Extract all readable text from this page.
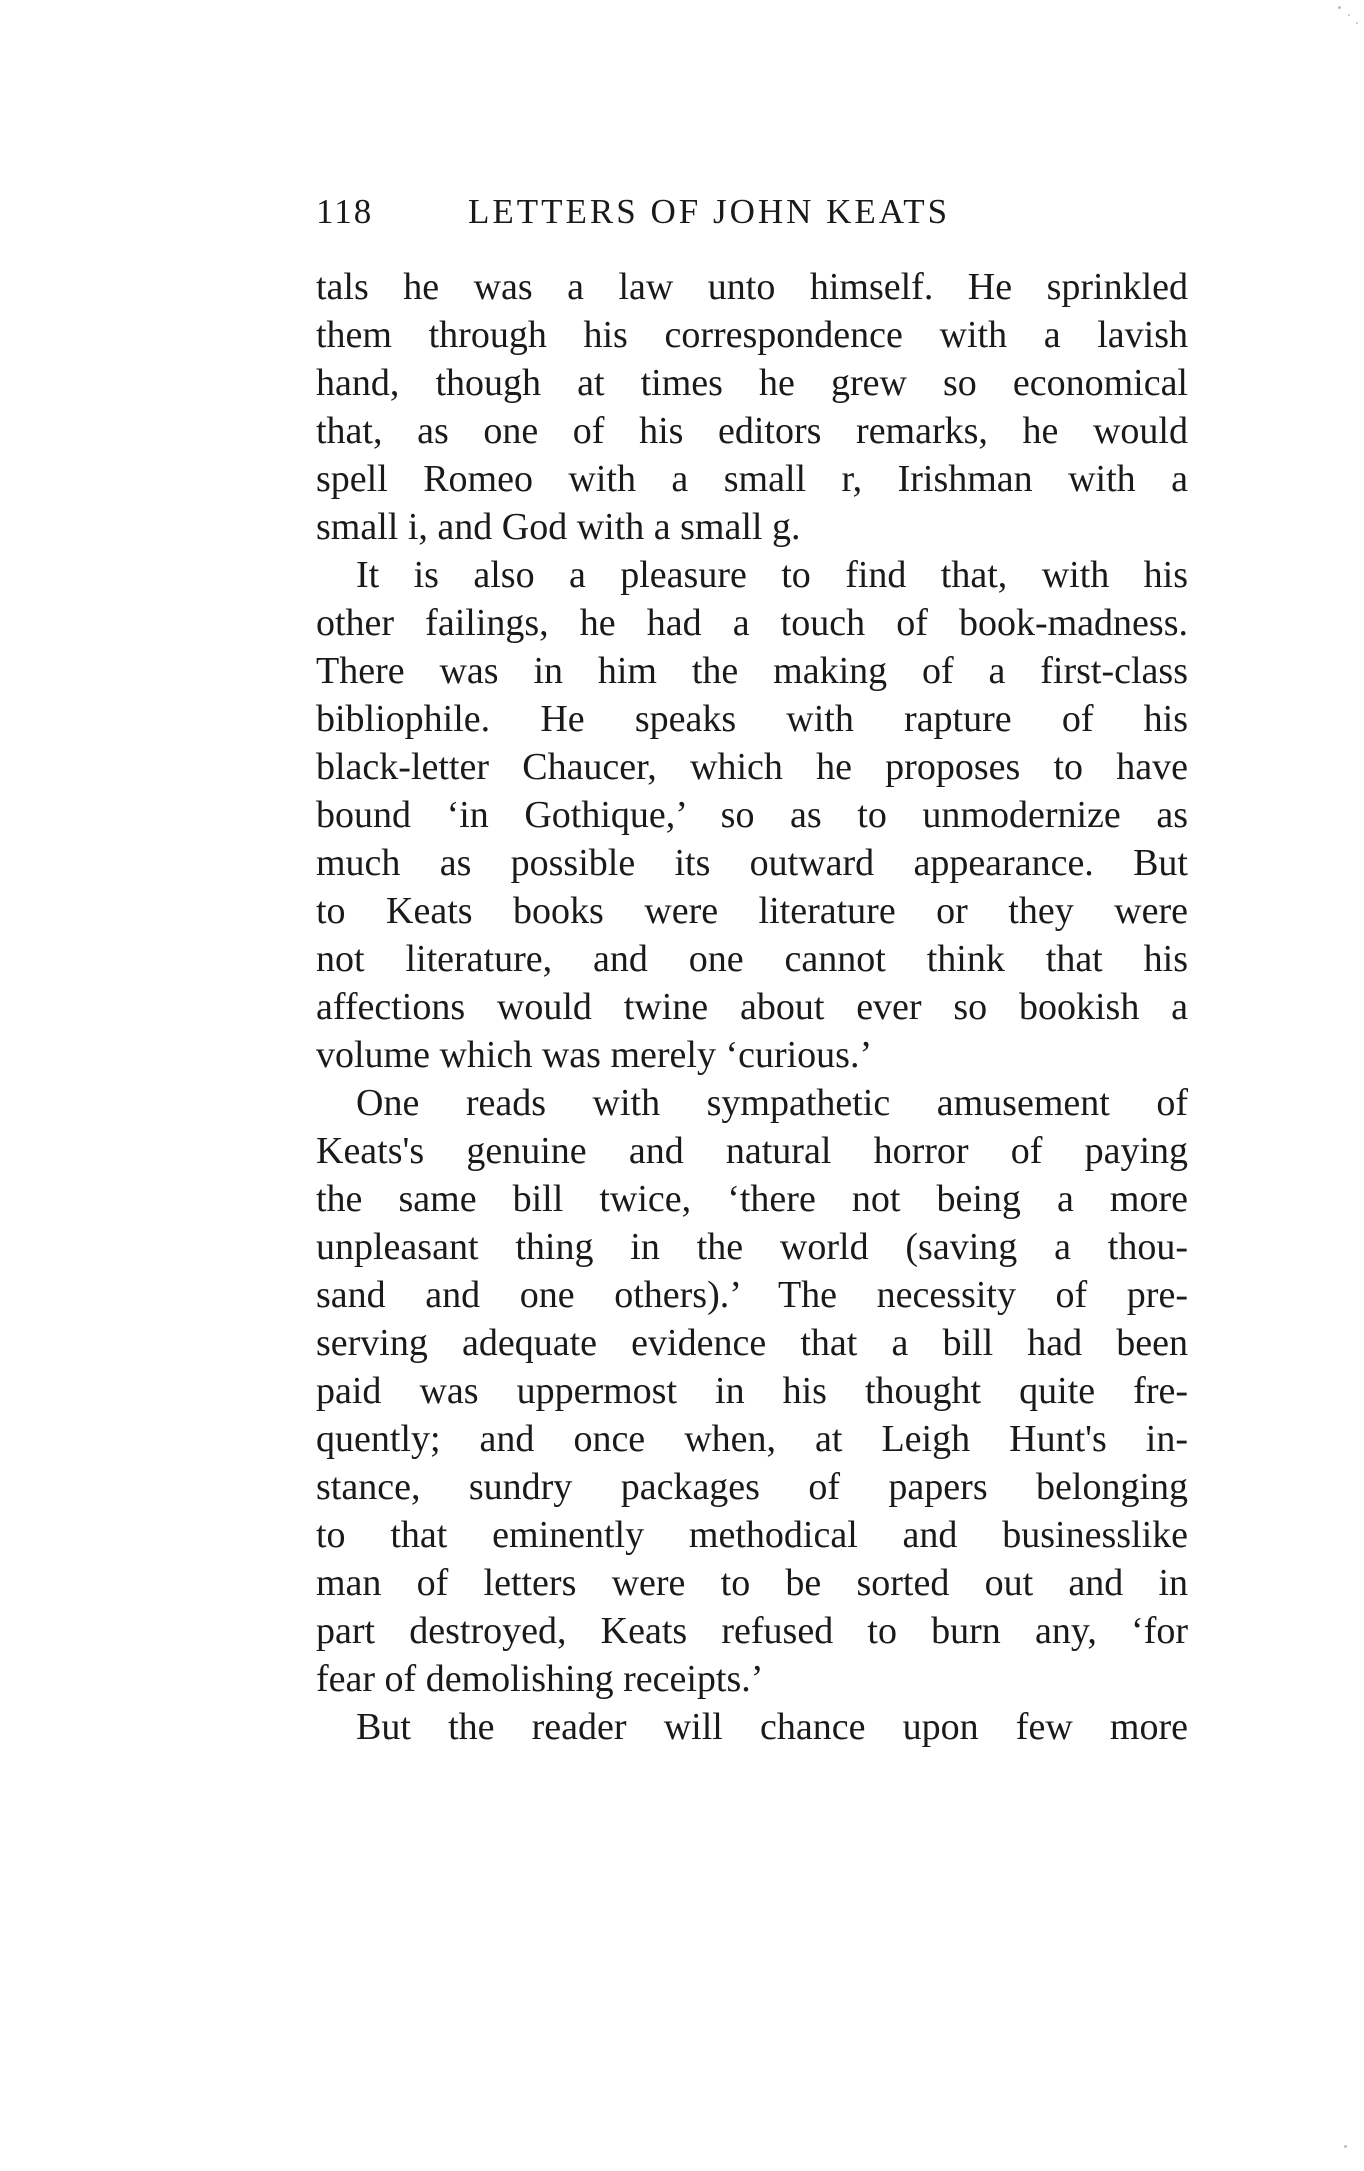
118	LETTERS OF JOHN KEATS
tals he was a law unto himself. He sprinkled
them through his correspondence with a lavish
hand, though at times he grew so economical
that, as one of his editors remarks, he would
spell Romeo with a small r, Irishman with a
small i, and God with a small g.
It is also a pleasure to find that, with his
other failings, he had a touch of book-madness.
There was in him the making of a first-class
bibliophile. He speaks with rapture of his
black-letter Chaucer, which he proposes to have
bound ‘in Gothique,’ so as to unmodernize as
much as possible its outward appearance. But
to Keats books were literature or they were
not literature, and one cannot think that his
affections would twine about ever so bookish a
volume which was merely ‘curious.’
One reads with sympathetic amusement of
Keats's genuine and natural horror of paying
the same bill twice, ‘there not being a more
unpleasant thing in the world (saving a thou-
sand and one others).’ The necessity of pre-
serving adequate evidence that a bill had been
paid was uppermost in his thought quite fre-
quently; and once when, at Leigh Hunt's in-
stance, sundry packages of papers belonging
to that eminently methodical and businesslike
man of letters were to be sorted out and in
part destroyed, Keats refused to burn any, ‘for
fear of demolishing receipts.’
But the reader will chance upon few more
